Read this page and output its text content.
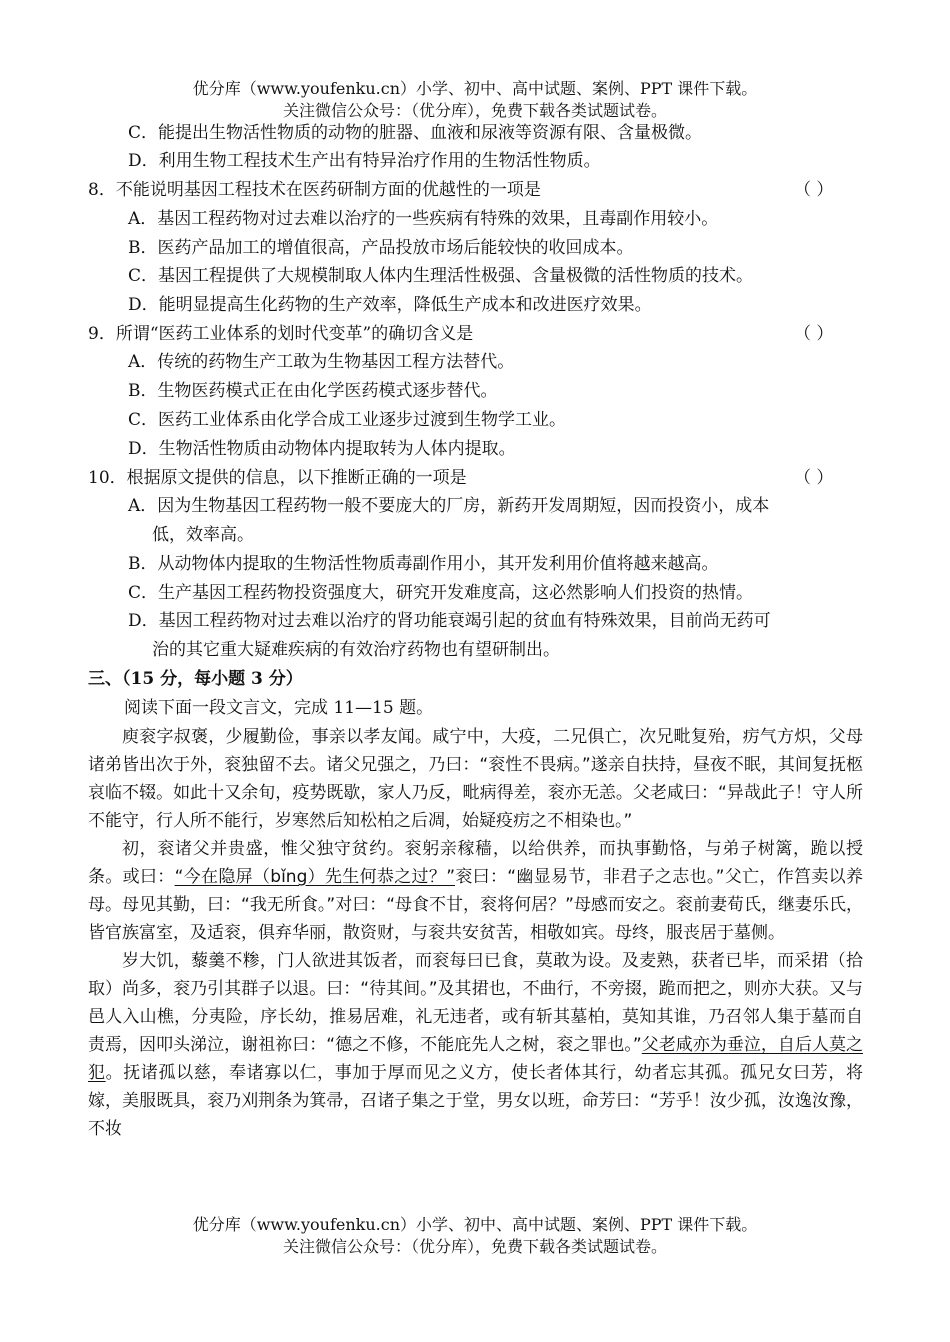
优分库（www.youfenku.cn）小学、初中、高中试题、案例、PPT 课件下载。
关注微信公众号：（优分库），免费下载各类试题试卷。
C．能提出生物活性物质的动物的脏器、血液和尿液等资源有限、含量极微。
D．利用生物工程技术生产出有特异治疗作用的生物活性物质。
8．不能说明基因工程技术在医药研制方面的优越性的一项是	（ ）
A．基因工程药物对过去难以治疗的一些疾病有特殊的效果，且毒副作用较小。
B．医药产品加工的增值很高，产品投放市场后能较快的收回成本。
C．基因工程提供了大规模制取人体内生理活性极强、含量极微的活性物质的技术。
D．能明显提高生化药物的生产效率，降低生产成本和改进医疗效果。
9．所谓“医药工业体系的划时代变革”的确切含义是	（ ）
A．传统的药物生产工敢为生物基因工程方法替代。
B．生物医药模式正在由化学医药模式逐步替代。
C．医药工业体系由化学合成工业逐步过渡到生物学工业。
D．生物活性物质由动物体内提取转为人体内提取。
10．根据原文提供的信息，以下推断正确的一项是	（ ）
A．因为生物基因工程药物一般不要庞大的厂房，新药开发周期短，因而投资小，成本
低，效率高。
B．从动物体内提取的生物活性物质毒副作用小，其开发利用价值将越来越高。
C．生产基因工程药物投资强度大，研究开发难度高，这必然影响人们投资的热情。
D．基因工程药物对过去难以治疗的肾功能衰竭引起的贫血有特殊效果，目前尚无药可
治的其它重大疑难疾病的有效治疗药物也有望研制出。
三、（15 分，每小题 3 分）
阅读下面一段文言文，完成 11—15 题。

庾衮字叔褒，少履勤俭，事亲以孝友闻。咸宁中，大疫，二兄俱亡，次兄毗复殆，疠气方炽，父母诸弟皆出次于外，衮独留不去。诸父兄强之，乃曰：“衮性不畏病。”遂亲自扶持，昼夜不眠，其间复抚柩哀临不辍。如此十又余旬，疫势既歇，家人乃反，毗病得差，衮亦无恙。父老咸曰：“异哉此子！守人所不能守，行人所不能行，岁寒然后知松柏之后凋，始疑疫疠之不相染也。”

初，衮诸父并贵盛，惟父独守贫约。衮躬亲稼穑，以给供养，而执事勤恪，与弟子树篱，跪以授条。或曰：“今在隐屏（bǐng）先生何恭之过？”衮曰：“幽显易节，非君子之志也。”父亡，作筥卖以养母。母见其勤，曰：“我无所食。”对曰：“母食不甘，衮将何居？”母感而安之。衮前妻荀氏，继妻乐氏，皆官族富室，及适衮，俱弃华丽，散资财，与衮共安贫苦，相敬如宾。母终，服丧居于墓侧。

岁大饥，藜羹不糁，门人欲进其饭者，而衮每曰已食，莫敢为设。及麦熟，获者已毕，而采捃（拾取）尚多，衮乃引其群子以退。曰：“待其间。”及其捃也，不曲行，不旁掇，跪而把之，则亦大获。又与邑人入山樵，分夷险，序长幼，推易居难，礼无违者，或有斩其墓柏，莫知其谁，乃召邻人集于墓而自责焉，因叩头涕泣，谢祖祢曰：“德之不修，不能庇先人之树，衮之罪也。”父老咸亦为垂泣，自后人莫之犯。抚诸孤以慈，奉诸寡以仁，事加于厚而见之义方，使长者体其行，幼者忘其孤。孤兄女曰芳，将嫁，美服既具，衮乃刈荆条为箕帚，召诸子集之于堂，男女以班，命芳曰：“芳乎！汝少孤，汝逸汝豫，不妆

优分库（www.youfenku.cn）小学、初中、高中试题、案例、PPT 课件下载。
关注微信公众号：（优分库），免费下载各类试题试卷。
